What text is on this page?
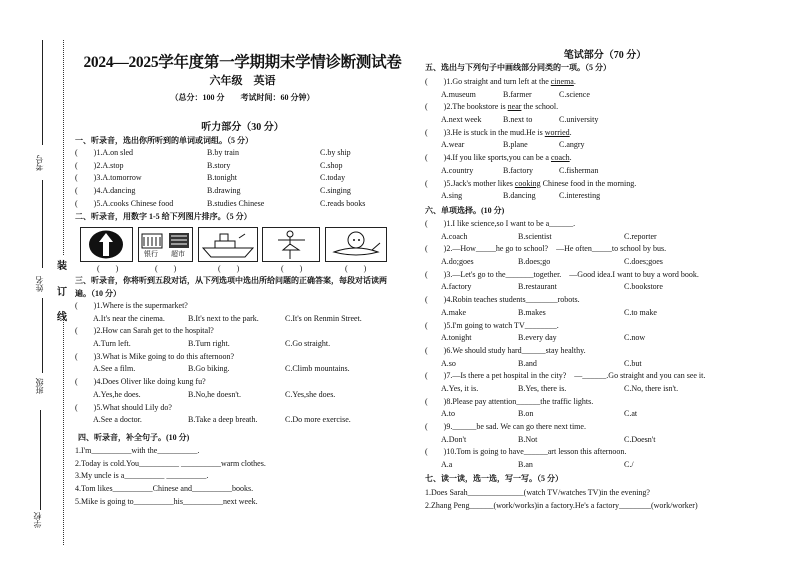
考号
姓名
班级
学校
装
订
线
2024—2025学年度第一学期期末学情诊断测试卷
六年级　英语
（总分：100 分　　考试时间：60 分钟）
听力部分（30 分）
一、听录音，选出你所听到的单词或词组。（5 分）
(　　)1.A.on sled	B.by train	C.by ship
(　　)2.A.stop	B.story	C.shop
(　　)3.A.tomorrow	B.tonight	C.today
(　　)4.A.dancing	B.drawing	C.singing
(　　)5.A.cooks Chinese food	B.studies Chinese	C.reads books
二、听录音，用数字 1-5 给下列图片排序。（5 分）
银行 超市
(　　)	(　　)	(　　)	(　　)	(　　)
三、听录音，你将听到五段对话，从下列选项中选出所给问题的正确答案，每段对话读两
遍。（10 分）
(　　)1.Where is the supermarket?
A.It's near the cinema.	B.It's next to the park.	C.It's on Renmin Street.
(　　)2.How can Sarah get to the hospital?
A.Turn left.	B.Turn right.	C.Go straight.
(　　)3.What is Mike going to do this afternoon?
A.See a film.	B.Go biking.	C.Climb mountains.
(　　)4.Does Oliver like doing kung fu?
A.Yes,he does.	B.No,he doesn't.	C.Yes,she does.
(　　)5.What should Lily do?
A.See a doctor.	B.Take a deep breath.	C.Do more exercise.
四、听录音，补全句子。(10 分)
1.I'm__________with the__________.
2.Today is cold.You__________ __________warm clothes.
3.My uncle is a__________ __________.
4.Tom likes__________Chinese and__________books.
5.Mike is going to__________his__________next week.
笔试部分（70 分）
五、选出与下列句子中画线部分同类的一项。（5 分）
(　　)1.Go straight and turn left at the cinema.
A.museum	B.farmer	C.science
(　　)2.The bookstore is near the school.
A.next week	B.next to	C.university
(　　)3.He is stuck in the mud.He is worried.
A.wear	B.plane	C.angry
(　　)4.If you like sports,you can be a coach.
A.country	B.factory	C.fisherman
(　　)5.Jack's mother likes cooking Chinese food in the morning.
A.sing	B.dancing	C.interesting
六、单项选择。(10 分)
(　　)1.I like science,so I want to be a______.
A.coach	B.scientist	C.reporter
(　　)2.—How_____he go to school?　—He often_____to school by bus.
A.do;goes	B.does;go	C.does;goes
(　　)3.—Let's go to the_______together.　—Good idea.I want to buy a word book.
A.factory	B.restaurant	C.bookstore
(　　)4.Robin teaches students________robots.
A.make	B.makes	C.to make
(　　)5.I'm going to watch TV________.
A.tonight	B.every day	C.now
(　　)6.We should study hard______stay healthy.
A.so	B.and	C.but
(　　)7.—Is there a pet hospital in the city?　—______.Go straight and you can see it.
A.Yes, it is.	B.Yes, there is.	C.No, there isn't.
(　　)8.Please pay attention______the traffic lights.
A.to	B.on	C.at
(　　)9.______be sad. We can go there next time.
A.Don't	B.Not	C.Doesn't
(　　)10.Tom is going to have______art lesson this afternoon.
A.a	B.an	C./
七、读一读，选一选，写一写。（5 分）
1.Does Sarah______________(watch TV/watches TV)in the evening?
2.Zhang Peng______(work/works)in a factory.He's a factory________(work/worker)
